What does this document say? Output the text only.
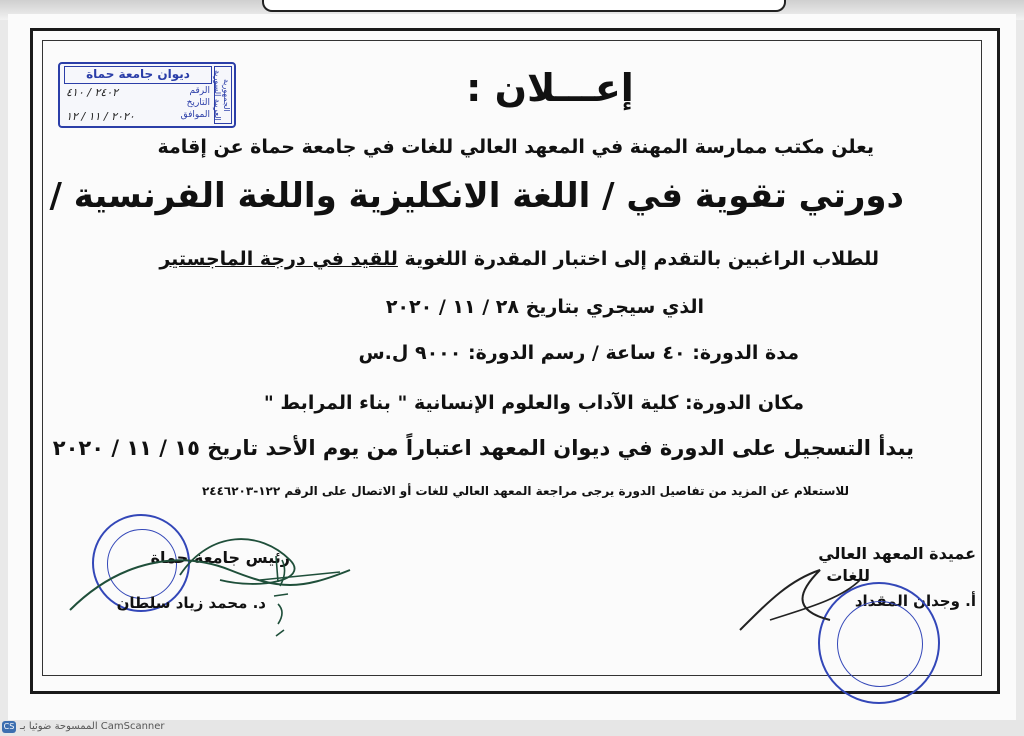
الجمهورية العربية السورية
ديوان جامعة حماة
الرقم
٢٤٠٢ / ٤١٠
التاريخ
الموافق
٢٠٢٠ / ١١ / ١٢
إعـــلان :
يعلن مكتب ممارسة المهنة في المعهد العالي للغات في جامعة حماة عن إقامة
دورتي تقوية في / اللغة الانكليزية واللغة الفرنسية /
للطلاب الراغبين بالتقدم إلى اختبار المقدرة اللغوية للقيد في درجة الماجستير
الذي سيجري بتاريخ ٢٨ / ١١ / ٢٠٢٠
مدة الدورة: ٤٠ ساعة / رسم الدورة: ٩٠٠٠ ل.س
مكان الدورة: كلية الآداب والعلوم الإنسانية " بناء المرابط "
يبدأ التسجيل على الدورة في ديوان المعهد اعتباراً من يوم الأحد تاريخ ١٥ / ١١ / ٢٠٢٠
للاستعلام عن المزيد من تفاصيل الدورة يرجى مراجعة المعهد العالي للغات أو الاتصال على الرقم ١٢٢-٢٤٤٦٢٠٣
رئيس جامعة حماة
د. محمد زياد سلطان
عميدة المعهد العالي
للغات
أ. وجدان المقداد
CS الممسوحة ضوئيا بـ CamScanner
